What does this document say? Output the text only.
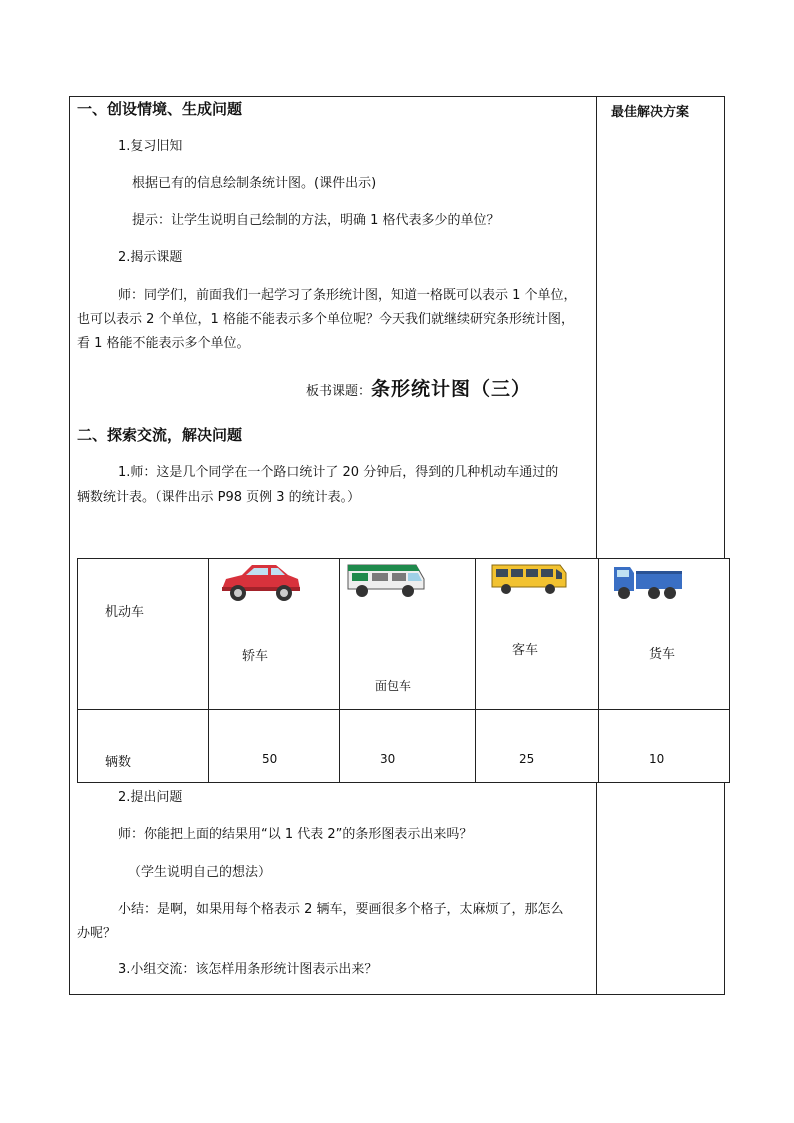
最佳解决方案
一、创设情境、生成问题
1.复习旧知
根据已有的信息绘制条统计图。(课件出示)
提示：让学生说明自己绘制的方法，明确 1 格代表多少的单位？
2.揭示课题
师：同学们，前面我们一起学习了条形统计图，知道一格既可以表示 1 个单位，
也可以表示 2 个单位，1 格能不能表示多个单位呢？今天我们就继续研究条形统计图，
看 1 格能不能表示多个单位。
板书课题：条形统计图（三）
二、探索交流，解决问题
1.师：这是几个同学在一个路口统计了 20 分钟后，得到的几种机动车通过的
辆数统计表。（课件出示 P98 页例 3 的统计表。）
机动车
辆数
轿车
50
面包车
30
客车
25
货车
10
2.提出问题
师：你能把上面的结果用“以 1 代表 2”的条形图表示出来吗？
（学生说明自己的想法）
小结：是啊，如果用每个格表示 2 辆车，要画很多个格子，太麻烦了，那怎么
办呢？
3.小组交流：该怎样用条形统计图表示出来？
